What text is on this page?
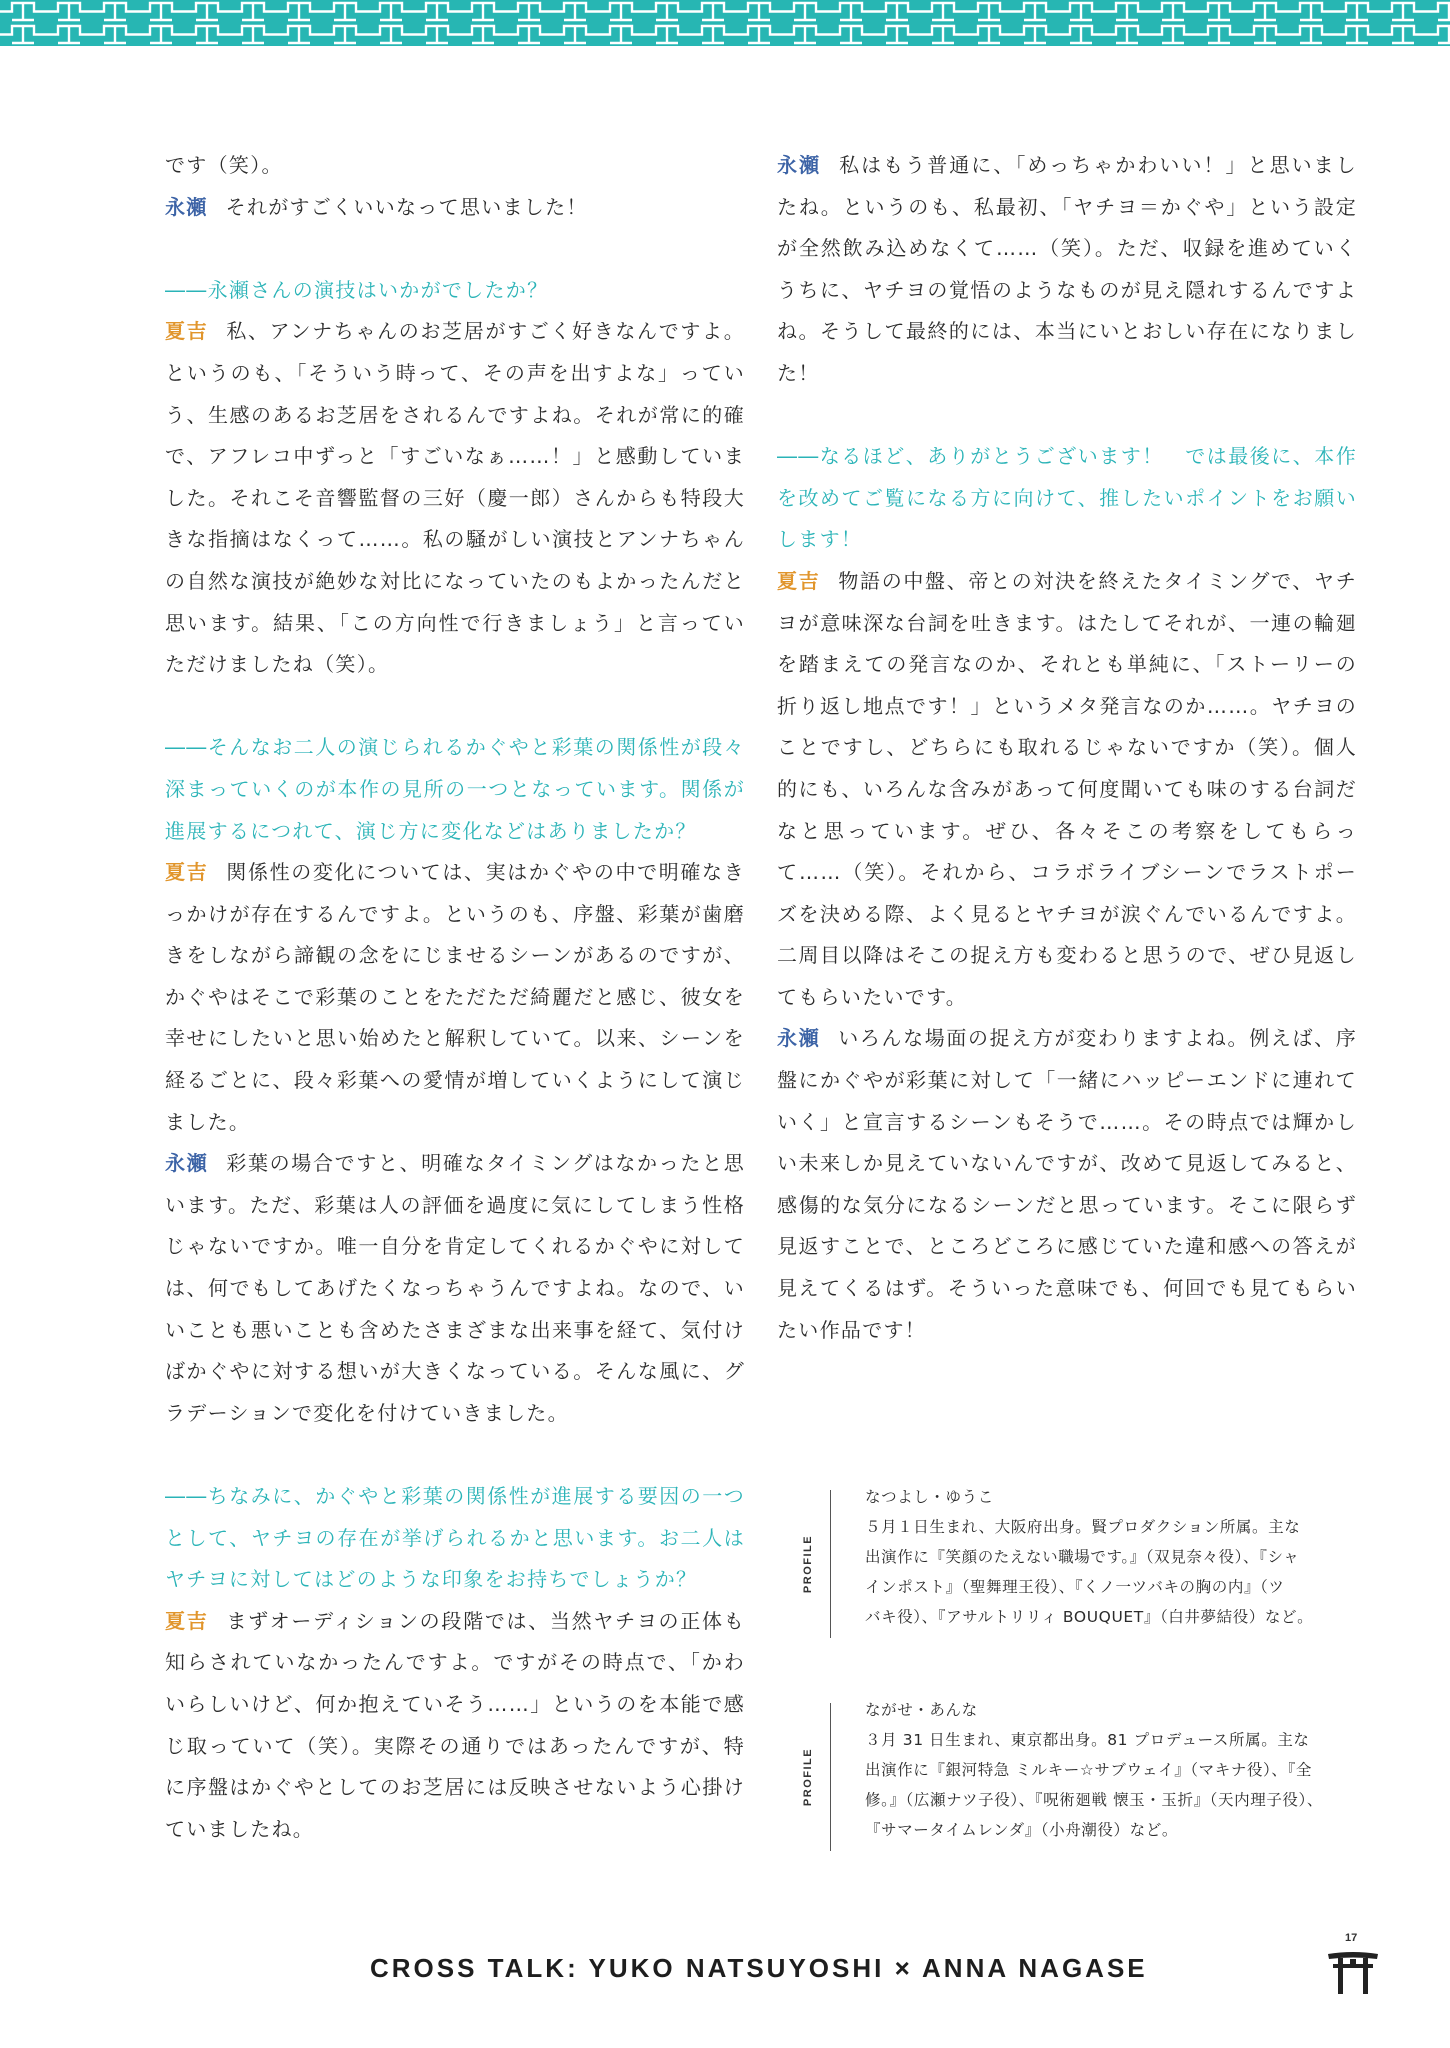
です（笑）。

永瀬 それがすごくいいなって思いました！

――永瀬さんの演技はいかがでしたか？

夏吉 私、アンナちゃんのお芝居がすごく好きなんですよ。というのも、「そういう時って、その声を出すよな」っていう、生感のあるお芝居をされるんですよね。それが常に的確で、アフレコ中ずっと「すごいなぁ……！」と感動していました。それこそ音響監督の三好（慶一郎）さんからも特段大きな指摘はなくって……。私の騒がしい演技とアンナちゃんの自然な演技が絶妙な対比になっていたのもよかったんだと思います。結果、「この方向性で行きましょう」と言っていただけましたね（笑）。

――そんなお二人の演じられるかぐやと彩葉の関係性が段々深まっていくのが本作の見所の一つとなっています。関係が進展するにつれて、演じ方に変化などはありましたか？

夏吉 関係性の変化については、実はかぐやの中で明確なきっかけが存在するんですよ。というのも、序盤、彩葉が歯磨きをしながら諦観の念をにじませるシーンがあるのですが、かぐやはそこで彩葉のことをただただ綺麗だと感じ、彼女を幸せにしたいと思い始めたと解釈していて。以来、シーンを経るごとに、段々彩葉への愛情が増していくようにして演じました。

永瀬 彩葉の場合ですと、明確なタイミングはなかったと思います。ただ、彩葉は人の評価を過度に気にしてしまう性格じゃないですか。唯一自分を肯定してくれるかぐやに対しては、何でもしてあげたくなっちゃうんですよね。なので、いいことも悪いことも含めたさまざまな出来事を経て、気付けばかぐやに対する想いが大きくなっている。そんな風に、グラデーションで変化を付けていきました。

――ちなみに、かぐやと彩葉の関係性が進展する要因の一つとして、ヤチヨの存在が挙げられるかと思います。お二人はヤチヨに対してはどのような印象をお持ちでしょうか？

夏吉 まずオーディションの段階では、当然ヤチヨの正体も知らされていなかったんですよ。ですがその時点で、「かわいらしいけど、何か抱えていそう……」というのを本能で感じ取っていて（笑）。実際その通りではあったんですが、特に序盤はかぐやとしてのお芝居には反映させないよう心掛けていましたね。

永瀬 私はもう普通に、「めっちゃかわいい！」と思いましたね。というのも、私最初、「ヤチヨ＝かぐや」という設定が全然飲み込めなくて……（笑）。ただ、収録を進めていくうちに、ヤチヨの覚悟のようなものが見え隠れするんですよね。そうして最終的には、本当にいとおしい存在になりました！

――なるほど、ありがとうございます！　では最後に、本作を改めてご覧になる方に向けて、推したいポイントをお願いします！

夏吉 物語の中盤、帝との対決を終えたタイミングで、ヤチヨが意味深な台詞を吐きます。はたしてそれが、一連の輪廻を踏まえての発言なのか、それとも単純に、「ストーリーの折り返し地点です！」というメタ発言なのか……。ヤチヨのことですし、どちらにも取れるじゃないですか（笑）。個人的にも、いろんな含みがあって何度聞いても味のする台詞だなと思っています。ぜひ、各々そこの考察をしてもらって……（笑）。それから、コラボライブシーンでラストポーズを決める際、よく見るとヤチヨが涙ぐんでいるんですよ。二周目以降はそこの捉え方も変わると思うので、ぜひ見返してもらいたいです。

永瀬 いろんな場面の捉え方が変わりますよね。例えば、序盤にかぐやが彩葉に対して「一緒にハッピーエンドに連れていく」と宣言するシーンもそうで……。その時点では輝かしい未来しか見えていないんですが、改めて見返してみると、感傷的な気分になるシーンだと思っています。そこに限らず見返すことで、ところどころに感じていた違和感への答えが見えてくるはず。そういった意味でも、何回でも見てもらいたい作品です！

PROFILE

なつよし・ゆうこ

５月１日生まれ、大阪府出身。賢プロダクション所属。主な

出演作に『笑顔のたえない職場です。』（双見奈々役）、『シャ

インポスト』（聖舞理王役）、『くノ一ツバキの胸の内』（ツ

バキ役）、『アサルトリリィ BOUQUET』（白井夢結役）など。

PROFILE

ながせ・あんな

３月 31 日生まれ、東京都出身。81 プロデュース所属。主な

出演作に『銀河特急 ミルキー☆サブウェイ』（マキナ役）、『全

修。』（広瀬ナツ子役）、『呪術廻戦 懐玉・玉折』（天内理子役）、

『サマータイムレンダ』（小舟潮役）など。

17
CROSS TALK: YUKO NATSUYOSHI × ANNA NAGASE
